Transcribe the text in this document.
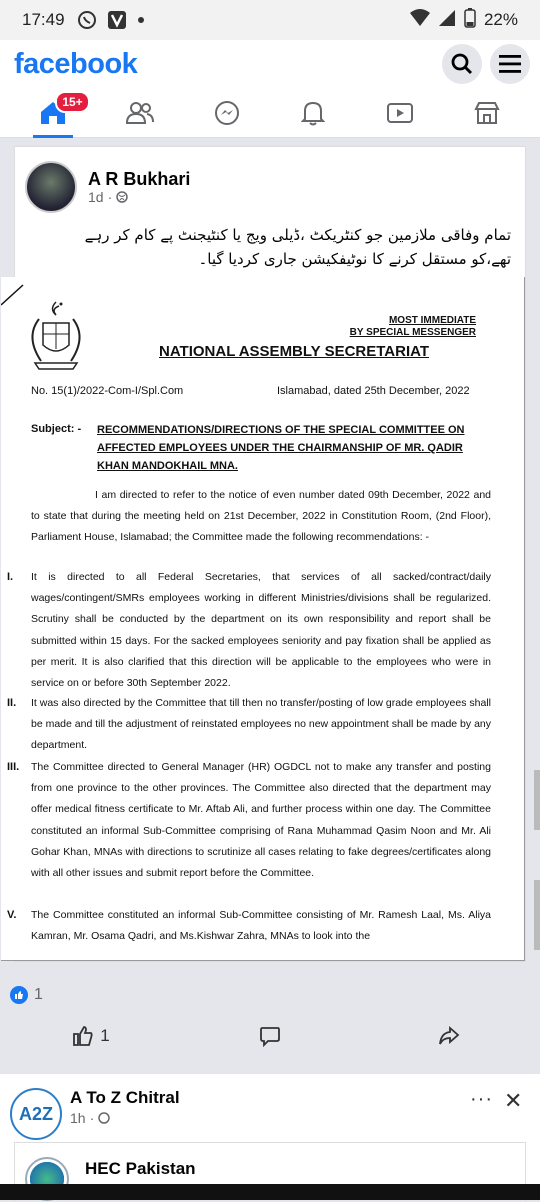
17:49	22%
facebook
15+
A R Bukhari
1d ·
تمام وفاقی ملازمین جو کنٹریکٹ ،ڈیلی ویج یا کنٹیجنٹ پے کام کر رہے تھے،کو مستقل کرنے کا نوٹیفکیشن جاری کردیا گیا۔
MOST IMMEDIATE
BY SPECIAL MESSENGER
NATIONAL ASSEMBLY SECRETARIAT
No. 15(1)/2022-Com-I/Spl.Com	Islamabad, dated 25th December, 2022
Subject: - RECOMMENDATIONS/DIRECTIONS OF THE SPECIAL COMMITTEE ON AFFECTED EMPLOYEES UNDER THE CHAIRMANSHIP OF MR. QADIR KHAN MANDOKHAIL MNA.
I am directed to refer to the notice of even number dated 09th December, 2022 and to state that during the meeting held on 21st December, 2022 in Constitution Room, (2nd Floor), Parliament House, Islamabad; the Committee made the following recommendations: -
I. It is directed to all Federal Secretaries, that services of all sacked/contract/daily wages/contingent/SMRs employees working in different Ministries/divisions shall be regularized. Scrutiny shall be conducted by the department on its own responsibility and report shall be submitted within 15 days. For the sacked employees seniority and pay fixation shall be applied as per merit. It is also clarified that this direction will be applicable to the employees who were in service on or before 30th September 2022.
II. It was also directed by the Committee that till then no transfer/posting of low grade employees shall be made and till the adjustment of reinstated employees no new appointment shall be made by any department.
III. The Committee directed to General Manager (HR) OGDCL not to make any transfer and posting from one province to the other provinces. The Committee also directed that the department may offer medical fitness certificate to Mr. Aftab Ali, and further process within one day. The Committee constituted an informal Sub-Committee comprising of Rana Muhammad Qasim Noon and Mr. Ali Gohar Khan, MNAs with directions to scrutinize all cases relating to fake degrees/certificates along with all other issues and submit report before the Committee.
V. The Committee constituted an informal Sub-Committee consisting of Mr. Ramesh Laal, Ms. Aliya Kamran, Mr. Osama Qadri, and Ms.Kishwar Zahra, MNAs to look into the
1
1
A2Z
A To Z Chitral
1h ·
··· ✕
HEC Pakistan
